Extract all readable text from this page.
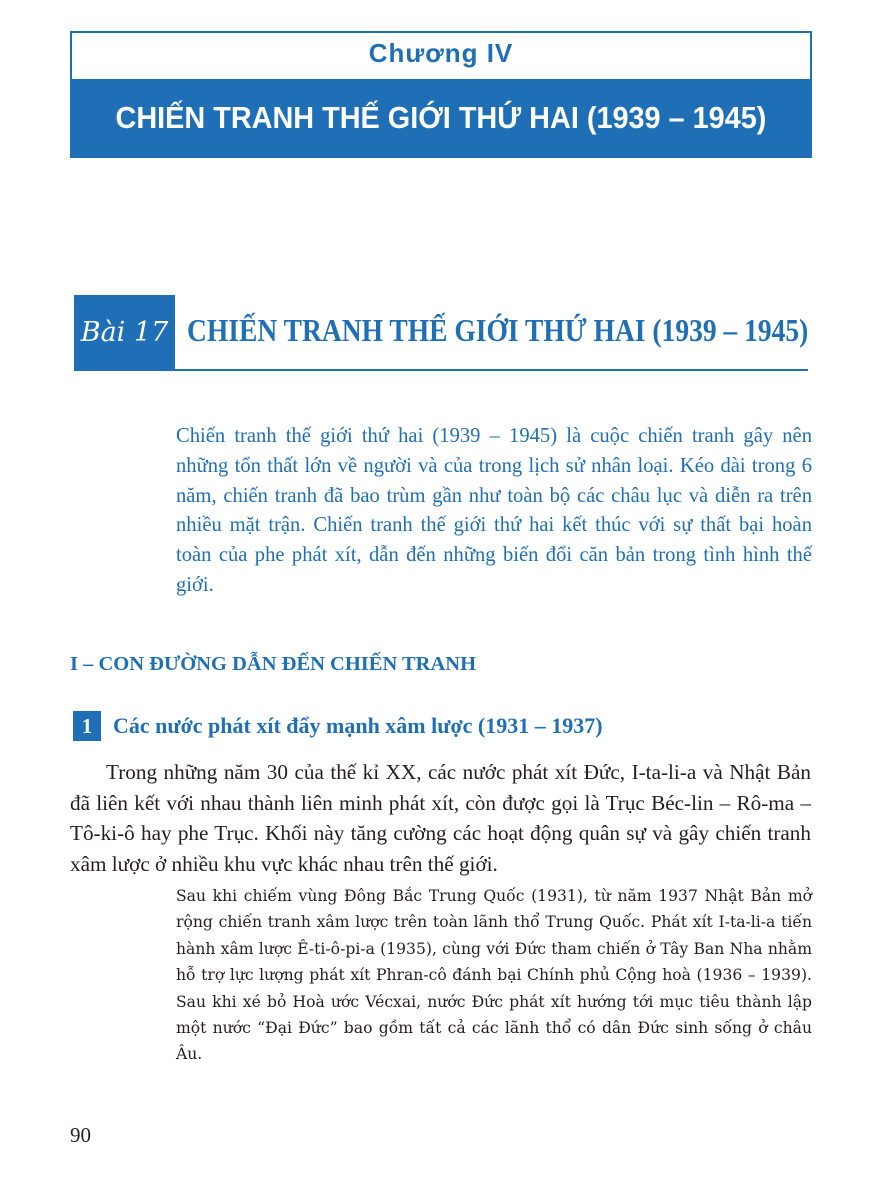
Chương IV
CHIẾN TRANH THẾ GIỚI THỨ HAI (1939 – 1945)
Bài 17 CHIẾN TRANH THẾ GIỚI THỨ HAI (1939 – 1945)

Chiến tranh thế giới thứ hai (1939 – 1945) là cuộc chiến tranh gây nên những tổn thất lớn về người và của trong lịch sử nhân loại. Kéo dài trong 6 năm, chiến tranh đã bao trùm gần như toàn bộ các châu lục và diễn ra trên nhiều mặt trận. Chiến tranh thế giới thứ hai kết thúc với sự thất bại hoàn toàn của phe phát xít, dẫn đến những biến đổi căn bản trong tình hình thế giới.

I – CON ĐƯỜNG DẪN ĐẾN CHIẾN TRANH
1 Các nước phát xít đẩy mạnh xâm lược (1931 – 1937)

Trong những năm 30 của thế kỉ XX, các nước phát xít Đức, I-ta-li-a và Nhật Bản đã liên kết với nhau thành liên minh phát xít, còn được gọi là Trục Béc-lin – Rô-ma – Tô-ki-ô hay phe Trục. Khối này tăng cường các hoạt động quân sự và gây chiến tranh xâm lược ở nhiều khu vực khác nhau trên thế giới.

Sau khi chiếm vùng Đông Bắc Trung Quốc (1931), từ năm 1937 Nhật Bản mở rộng chiến tranh xâm lược trên toàn lãnh thổ Trung Quốc. Phát xít I-ta-li-a tiến hành xâm lược Ê-ti-ô-pi-a (1935), cùng với Đức tham chiến ở Tây Ban Nha nhằm hỗ trợ lực lượng phát xít Phran-cô đánh bại Chính phủ Cộng hoà (1936 – 1939). Sau khi xé bỏ Hoà ước Vécxai, nước Đức phát xít hướng tới mục tiêu thành lập một nước “Đại Đức” bao gồm tất cả các lãnh thổ có dân Đức sinh sống ở châu Âu.

90
